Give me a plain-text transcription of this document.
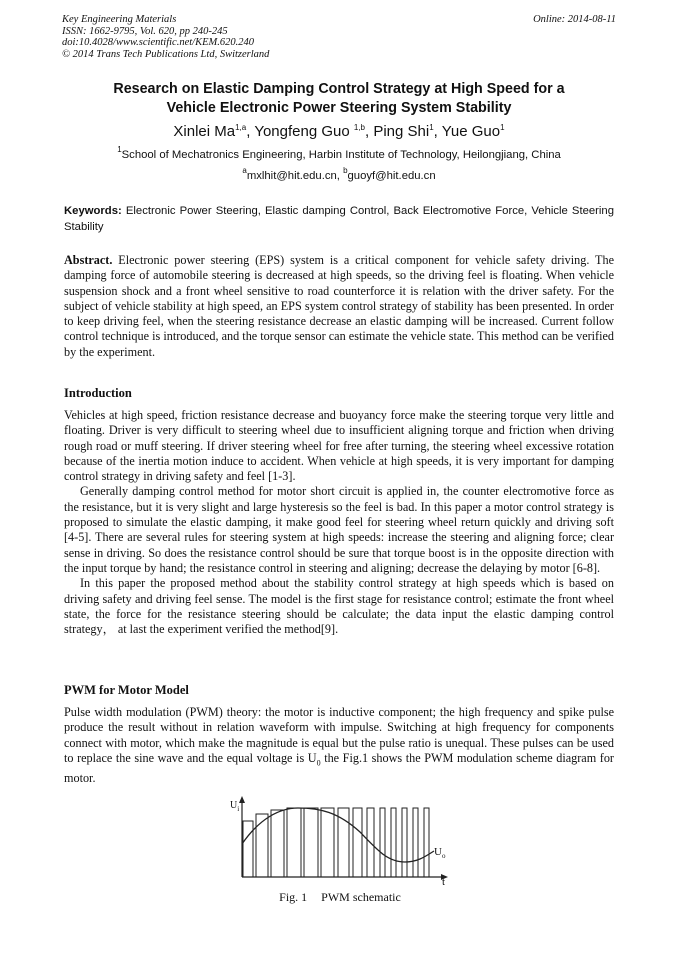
Key Engineering Materials
ISSN: 1662-9795, Vol. 620, pp 240-245
doi:10.4028/www.scientific.net/KEM.620.240
© 2014 Trans Tech Publications Ltd, Switzerland
Online: 2014-08-11
Research on Elastic Damping Control Strategy at High Speed for a
Vehicle Electronic Power Steering System Stability
Xinlei Ma$^{1,a}$, Yongfeng Guo $^{1,b}$, Ping Shi$^1$, Yue Guo$^1$
$^1$School of Mechatronics Engineering, Harbin Institute of Technology, Heilongjiang, China
$^a$mxlhit@hit.edu.cn, $^b$guoyf@hit.edu.cn
Keywords: Electronic Power Steering, Elastic damping Control, Back Electromotive Force, Vehicle Steering Stability

Abstract. Electronic power steering (EPS) system is a critical component for vehicle safety driving. The damping force of automobile steering is decreased at high speeds, so the driving feel is floating. When vehicle suspension shock and a front wheel sensitive to road counterforce it is relation with the driver safety. For the subject of vehicle stability at high speed, an EPS system control strategy of stability has been presented. In order to keep driving feel, when the steering resistance decrease an elastic damping will be increased. Current follow control technique is introduced, and the torque sensor can estimate the vehicle state. This method can be verified by the experiment.

Introduction

Vehicles at high speed, friction resistance decrease and buoyancy force make the steering torque very little and floating. Driver is very difficult to steering wheel due to insufficient aligning torque and friction when driving rough road or muff steering. If driver steering wheel for free after turning, the steering wheel excessive rotation because of the inertia motion induce to accident. When vehicle at high speeds, it is very important for damping control strategy in driving safety and feel [1-3].

Generally damping control method for motor short circuit is applied in, the counter electromotive force as the resistance, but it is very slight and large hysteresis so the feel is bad. In this paper a motor control strategy is proposed to simulate the elastic damping, it make good feel for steering wheel return quickly and driving soft [4-5]. There are several rules for steering system at high speeds: increase the steering and aligning force; clear sense in driving. So does the resistance control should be sure that torque boost is in the opposite direction with the input torque by hand; the resistance control in steering and aligning; decrease the delaying by motor [6-8].

In this paper the proposed method about the stability control strategy at high speeds which is based on driving safety and driving feel sense. The model is the first stage for resistance control; estimate the front wheel state, the force for the resistance steering should be calculate; the data input the elastic damping control strategy， at last the experiment verified the method[9].

PWM for Motor Model

Pulse width modulation (PWM) theory: the motor is inductive component; the high frequency and spike pulse produce the result without in relation waveform with impulse. Switching at high frequency for components connect with motor, which make the magnitude is equal but the pulse ratio is unequal. These pulses can be used to replace the sine wave and the equal voltage is $U_0$ the Fig.1 shows the PWM modulation scheme diagram for motor.

$U_i$
$U_o$
t
Fig. 1 PWM schematic
